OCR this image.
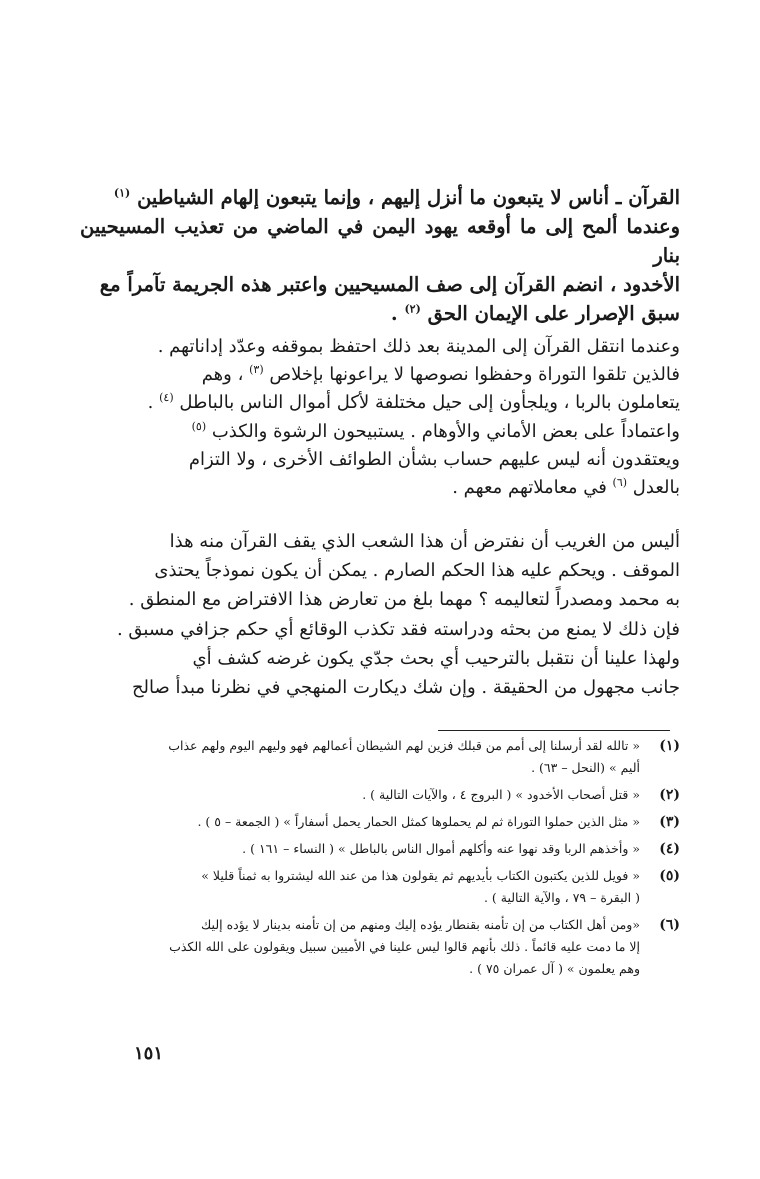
القرآن ـ أناس لا يتبعون ما أنزل إليهم ، وإنما يتبعون إلهام الشياطين $^{(١)}$

وعندما ألمح إلى ما أوقعه يهود اليمن في الماضي من تعذيب المسيحيين بنار

الأخدود ، انضم القرآن إلى صف المسيحيين واعتبر هذه الجريمة تآمراً مع

سبق الإصرار على الإيمان الحق $^{(٢)}$ .

وعندما انتقل القرآن إلى المدينة بعد ذلك احتفظ بموقفه وعدّد إداناتهم .

فالذين تلقوا التوراة وحفظوا نصوصها لا يراعونها بإخلاص $^{(٣)}$ ، وهم

يتعاملون بالربا ، ويلجأون إلى حيل مختلفة لأكل أموال الناس بالباطل $^{(٤)}$ .

واعتماداً على بعض الأماني والأوهام . يستبيحون الرشوة والكذب $^{(٥)}$

ويعتقدون أنه ليس عليهم حساب بشأن الطوائف الأخرى ، ولا التزام

بالعدل $^{(٦)}$ في معاملاتهم معهم .

أليس من الغريب أن نفترض أن هذا الشعب الذي يقف القرآن منه هذا

الموقف . ويحكم عليه هذا الحكم الصارم . يمكن أن يكون نموذجاً يحتذى

به محمد ومصدراً لتعاليمه ؟ مهما بلغ من تعارض هذا الافتراض مع المنطق .

فإن ذلك لا يمنع من بحثه ودراسته فقد تكذب الوقائع أي حكم جزافي مسبق .

ولهذا علينا أن نتقبل بالترحيب أي بحث جدّي يكون غرضه كشف أي

جانب مجهول من الحقيقة . وإن شك ديكارت المنهجي في نظرنا مبدأ صالح

(١)
« تالله لقد أرسلنا إلى أمم من قبلك فزين لهم الشيطان أعمالهم فهو وليهم اليوم ولهم عذاب
أليم » (النحل – ٦٣) .
(٢)
« قتل أصحاب الأخدود » ( البروج ٤ ، والآيات التالية ) .
(٣)
« مثل الذين حملوا التوراة ثم لم يحملوها كمثل الحمار يحمل أسفاراً » ( الجمعة – ٥ ) .
(٤)
« وأخذهم الربا وقد نهوا عنه وأكلهم أموال الناس بالباطل » ( النساء – ١٦١ ) .
(٥)
« فويل للذين يكتبون الكتاب بأيديهم ثم يقولون هذا من عند الله ليشتروا به ثمناً قليلا »
( البقرة – ٧٩ ، والآية التالية ) .
(٦)
«ومن أهل الكتاب من إن تأمنه بقنطار يؤده إليك ومنهم من إن تأمنه بدينار لا يؤده إليك
إلا ما دمت عليه قائماً . ذلك بأنهم قالوا ليس علينا في الأميين سبيل ويقولون على الله الكذب
وهم يعلمون » ( آل عمران ٧٥ ) .
١٥١
